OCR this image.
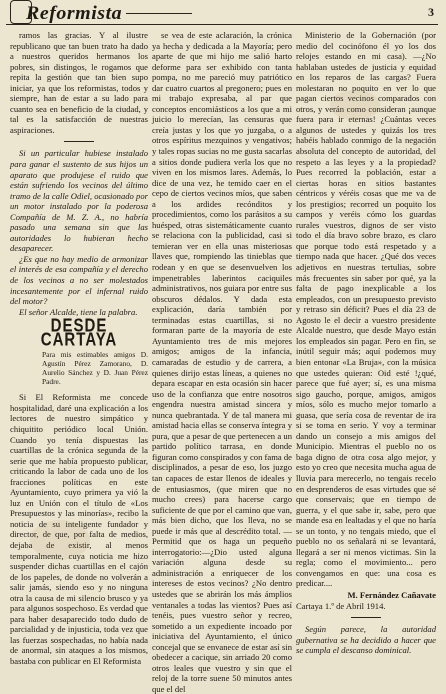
Reformista	3

ramos las gracias. Y al ilustre republicano que tan buen trato ha dado a nuestros queridos hermanos los pobres, sin distingos, le rogamos que repita la gestión que tan bien supo iniciar, ya que los reformistas, todos y siempre, han de estar a su lado para cuanto sea en beneficio de la ciudad, y tal es la satisfacción de nuestras aspiraciones.

Si un particular hubiese instalado para ganar el sustento de sus hijos un aparato que produjese el ruido que están sufriendo los vecinos del último tramo de la calle Odiel, ocasionado por un motor instalado por la poderosa Compañía de M. Z. A., no habría pasado una semana sin que las autoridades lo hubieran hecho desaparecer.

¿Es que no hay medio de armonizar el interés de esa compañía y el derecho de los vecinos a no ser molestados incesantemente por el infernal ruido del motor?

El señor Alcalde, tiene la palabra.

DESDE CARTAYA
Para mis estimables amigos D. Agustín Pérez Zamorano, D. Aurelio Sánchez y D. Juan Pérez Padre.

Si El Reformista me concede hospitalidad, daré una explicación a los lectores de nuestro simpático y chiquitito periódico local Unión. Cuando yo tenía dispuestas las cuartillas de la crónica segunda de la serie que me había propuesto publicar, criticando la labor de cada uno de los fracciones políticas en este Ayuntamiento, cuyo primera ya vió la luz en Unión con el título de «Los Presupuestos y las minorías», recibo la noticia de su inteligente fundador y director, de que, por falta de medios, dejaba de existir, al menos temporalmente, cuya noticia me hizo suspender dichas cuartillas en el cajón de los papeles, de donde no volverán a salir jamás, siendo eso y no ninguna otra la causa de mi silencio brusco y ya para algunos sospechoso. Es verdad que para haber desaparecido todo dudo de parcialidad y de injusticia, toda vez que las fuerzas sospechadas, no había nada de anormal, sin ataques a los mismos, bastaba con publicar en El Reformista

se vea de este aclaración, la crónica ya hecha y dedicada a la Mayoría; pero aparte de que mi hijo me salió harto deforme para ser exhibido con tanta pompa, no me pareció muy patriótico dar cuatro cuartos al pregonero; pues en mi trabajo expresaba, al par que conceptos encomiásticos a los que a mi juicio lo merecían, las censuras que creía justas y los que yo juzgaba, o a otros espíritus mezquinos y vengativos; y tales ropas sucias no me gusta sacarlas a sitios donde pudiera verla los que no viven en los mismos lares. Además, lo dice de una vez, he temido caer en el cepo de ciertos vecinos míos, que saben a los ardides recónditos y procedimientos, como los parásitos a su huésped, otras sistemáticamente cuanto se relaciona con la publicidad, casi si temieran ver en ella unas misteriosas llaves que, rompiendo las tinieblas que rodean y en que se desenvuelven los impenetrables laberintos caciquiles administrativos, nos guiara por entre sus obscuros dédalos. Y dada esta explicación, daría también por terminadas estas cuartillas, si no formaran parte de la mayoría de este Ayuntamiento tres de mis mejores amigos; amigos de la infancia, camaradas de estudio y de carrera, a quienes dirijo estas líneas, a quienes no depara escapar en esta ocasión sin hacer uso de la confianza que entre nosotros engendra nuestra amistad sincera y nunca quebrantada. Y de tal manera mi amistad hacia ellas se conserva íntegra y pura, que a pesar de que pertenecen a un partido político tarrasa, en donde figuran como conspirados y con fama de disciplinados, a pesar de eso, los juzgo tan capaces de estar llenos de ideales y de entusiasmos, (que miren que no mucho crees) para hacerse cargo suficiente de que por el camino que van, más bien dicho, que los lleva, no se puede ir más que al descrédito total. —Permitid que os haga un pequeño interrogatorio:—¿Dio usted alguna variación alguna desde su administración a enriquecer de los intereses de estos vecinos? ¿No dentro ustedes que se abrirán los más ámplios ventanales a todas las vientos? Pues así tenéis, pues vuestro señor y recreo, sometido a un expediente incoado por iniciativa del Ayuntamiento, el único concejal que se envanece de estar así sin obedecer a cacique, sin arriado 20 como otros leales que vuestro y sin que el reloj de la torre suene 50 minutos antes que el del

Ministerio de la Gobernación (por medio del cocinófono él yo los dos relojes estando en mi casa). —¿No hablaban ustedes de justicia y equidad en los reparos de las cargas? Fuera molestaran no poquito en ver lo que pagan ciertos vecinos comparados con otros, y verán como consideran ¡aunque fuera para ir eternas! ¿Cuántas veces algunos de ustedes y quizás los tres habéis hablado conmigo de la negación absoluta del concepto de autoridad, del respeto a las leyes y a la propiedad? Pues recorred la población, estar a ciertas horas en sitios bastantes céntricos y véréis cosas que me va de los prestigios; recorred un poquito los campos y veréis cómo los guardas rurales vuestros, dignos de ser visto todo el día bravo sobre brazo, es claro que porque todo está respetado y a tiempo nada que hacer. ¿Qué dos veces adjetivos en nuestras tertulias, sobre más frecuentes sin saber por qué, ya la falta de pago inexplicable a los empleados, con un presupuesto previsto y retraso sin déficit? Pues el día 23 de Agosto le el decir a vuestro presidente Alcalde nuestro, que desde Mayo están los empleados sin pagar. Pero en fin, se inútil seguir más; aquí podemos muy bien entonar «La Bruja», con la música que ustedes quieran: Oid esté !¿qué, parece que fué ayer; sí, es una misma sigo gaucho, porque, amigos, amigos míos, sólo es mucho mejor tomarlo a guasa, que sería cosa de reventar de ira si se toma en serio. Y voy a terminar dando un consejo a mis amigos del Municipio. Mientras el pueblo no os baga digno de otra cosa algo mejor, y esto yo creo que necesita mucha agua de lluvia para merecerlo, no tengais recelo en desprenderos de esas virtudes que sé que conservais; que en tiempo de guerra, y el que sabe ir, sabe, pero que mande esa en lealtadas y el que no haría se un tonto, y no tengais miedo, que el pueblo no os señalará ni se levantará, llegará a ser ni menos victimas. Sin la regla; como el movimiento... pero convengamos en que: una cosa es predicar....

M. Fernández Cañavate
Cartaya 1.º de Abril 1914.

Según parece, la autoridad gubernativa se ha decidido a hacer que se cumpla el descanso dominical.
